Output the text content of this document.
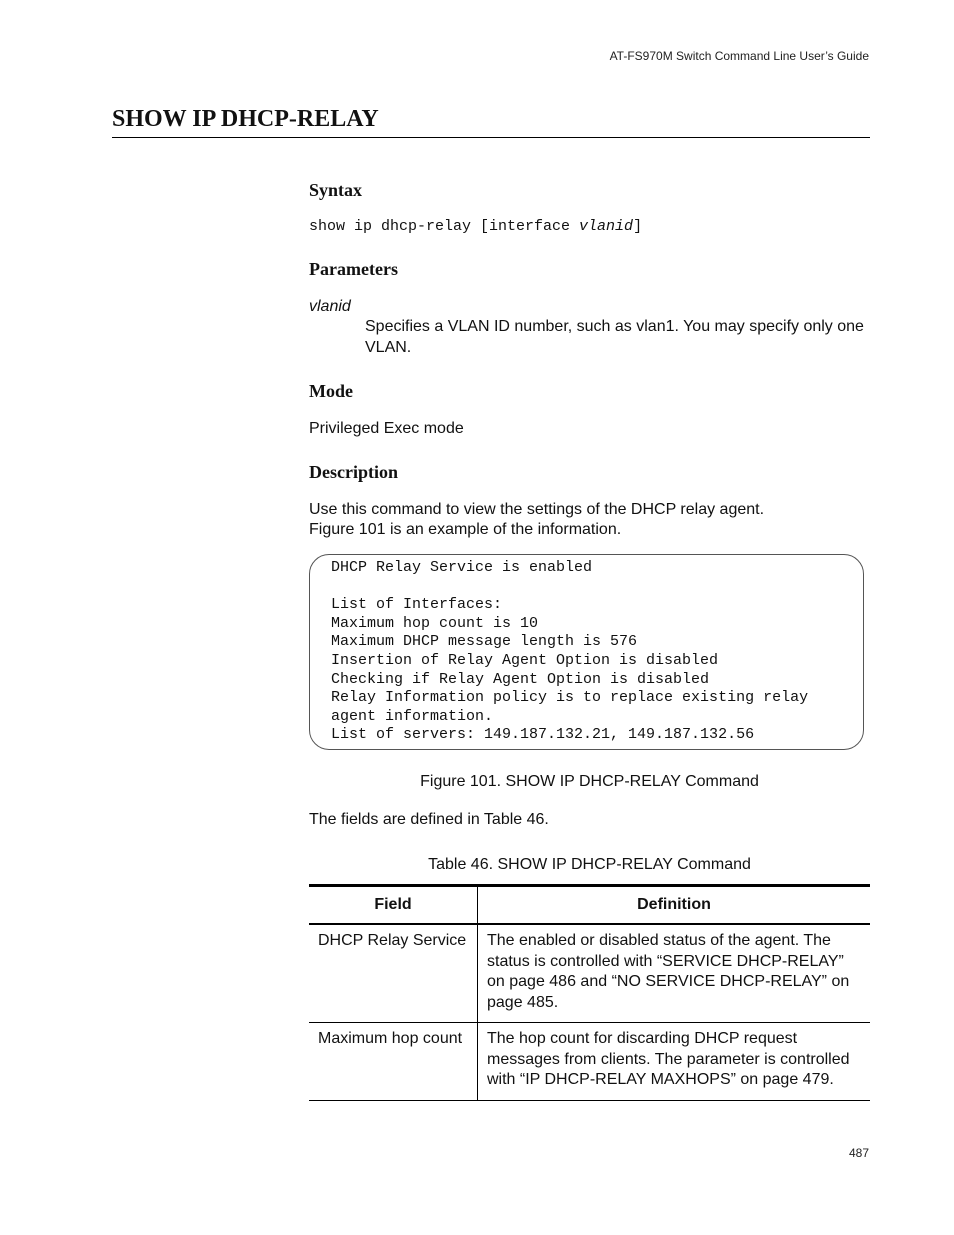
AT-FS970M Switch Command Line User’s Guide
SHOW IP DHCP-RELAY
Syntax

show ip dhcp-relay [interface vlanid]

Parameters

vlanid

Specifies a VLAN ID number, such as vlan1. You may specify only one VLAN.

Mode

Privileged Exec mode

Description

Use this command to view the settings of the DHCP relay agent.

Figure 101 is an example of the information.

DHCP Relay Service is enabled

List of Interfaces:
Maximum hop count is 10
Maximum DHCP message length is 576
Insertion of Relay Agent Option is disabled
Checking if Relay Agent Option is disabled
Relay Information policy is to replace existing relay
agent information.
List of servers: 149.187.132.21, 149.187.132.56

Figure 101. SHOW IP DHCP-RELAY Command

The fields are defined in Table 46.

Table 46. SHOW IP DHCP-RELAY Command

Field	Definition
DHCP Relay Service	The enabled or disabled status of the agent. The status is controlled with “SERVICE DHCP-RELAY” on page 486 and “NO SERVICE DHCP-RELAY” on page 485.
Maximum hop count	The hop count for discarding DHCP request messages from clients. The parameter is controlled with “IP DHCP-RELAY MAXHOPS” on page 479.
487
